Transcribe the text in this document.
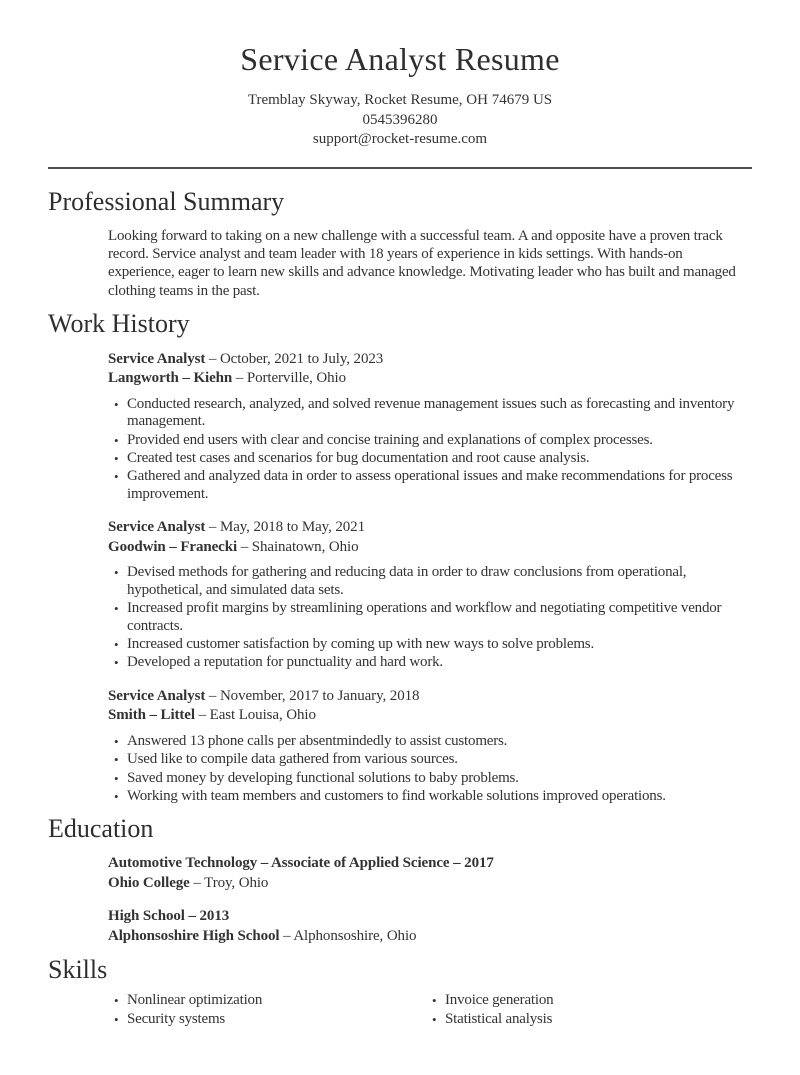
Service Analyst Resume
Tremblay Skyway, Rocket Resume, OH 74679 US
0545396280
support@rocket-resume.com
Professional Summary

Looking forward to taking on a new challenge with a successful team. A and opposite have a proven track record. Service analyst and team leader with 18 years of experience in kids settings. With hands-on experience, eager to learn new skills and advance knowledge. Motivating leader who has built and managed clothing teams in the past.

Work History
Service Analyst – October, 2021 to July, 2023
Langworth – Kiehn – Porterville, Ohio
• Conducted research, analyzed, and solved revenue management issues such as forecasting and inventory management.
• Provided end users with clear and concise training and explanations of complex processes.
• Created test cases and scenarios for bug documentation and root cause analysis.
• Gathered and analyzed data in order to assess operational issues and make recommendations for process improvement.
Service Analyst – May, 2018 to May, 2021
Goodwin – Franecki – Shainatown, Ohio
• Devised methods for gathering and reducing data in order to draw conclusions from operational, hypothetical, and simulated data sets.
• Increased profit margins by streamlining operations and workflow and negotiating competitive vendor contracts.
• Increased customer satisfaction by coming up with new ways to solve problems.
• Developed a reputation for punctuality and hard work.
Service Analyst – November, 2017 to January, 2018
Smith – Littel – East Louisa, Ohio
• Answered 13 phone calls per absentmindedly to assist customers.
• Used like to compile data gathered from various sources.
• Saved money by developing functional solutions to baby problems.
• Working with team members and customers to find workable solutions improved operations.
Education
Automotive Technology – Associate of Applied Science – 2017
Ohio College – Troy, Ohio
High School – 2013
Alphonsoshire High School – Alphonsoshire, Ohio
Skills
• Nonlinear optimization
• Security systems
• Invoice generation
• Statistical analysis
